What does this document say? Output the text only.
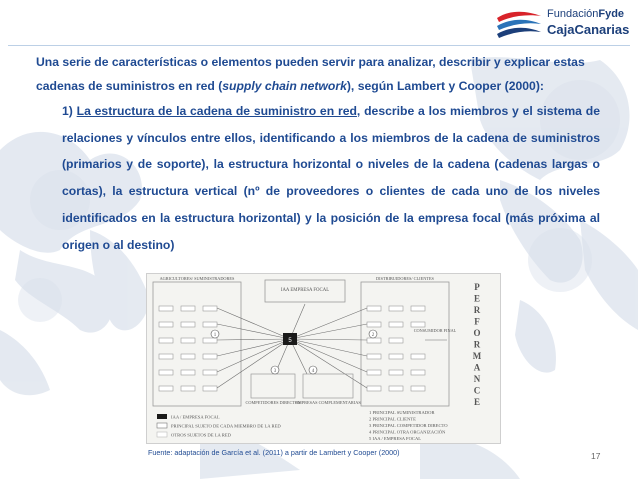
FundaciónFyde
CajaCanarias
Una serie de características o elementos pueden servir para analizar, describir y explicar estas cadenas de suministros en red (supply chain network), según Lambert y Cooper (2000):
1) La estructura de la cadena de suministro en red, describe a los miembros y el sistema de relaciones y vínculos entre ellos, identificando a los miembros de la cadena de suministros (primarios y de soporte), la estructura horizontal o niveles de la cadena (cadenas largas o cortas), la estructura vertical (nº de proveedores o clientes de cada uno de los niveles identificados en la estructura horizontal) y la posición de la empresa focal (más próxima al origen o al destino)
5
1	2
3	4
AGRICULTORES/ SUMINISTRADORES
IAA EMPRESA FOCAL
DISTRIBUIDORES/ CLIENTES
CONSUMIDOR FINAL
COMPETIDORES DIRECTOS
EMPRESAS COMPLEMENTARIAS
P
E
R
F
O
R
M
A
N
C
E
IAA / EMPRESA FOCAL
PRINCIPAL SUJETO DE CADA MIEMBRO DE LA RED
OTROS SUJETOS DE LA RED
1 PRINCIPAL SUMINISTRADOR
2 PRINCIPAL CLIENTE
3 PRINCIPAL COMPETIDOR DIRECTO
4 PRINCIPAL OTRA ORGANIZACIÓN
5 IAA / EMPRESA FOCAL
Fuente: adaptación de García et al. (2011) a partir de Lambert y Cooper (2000)	17
